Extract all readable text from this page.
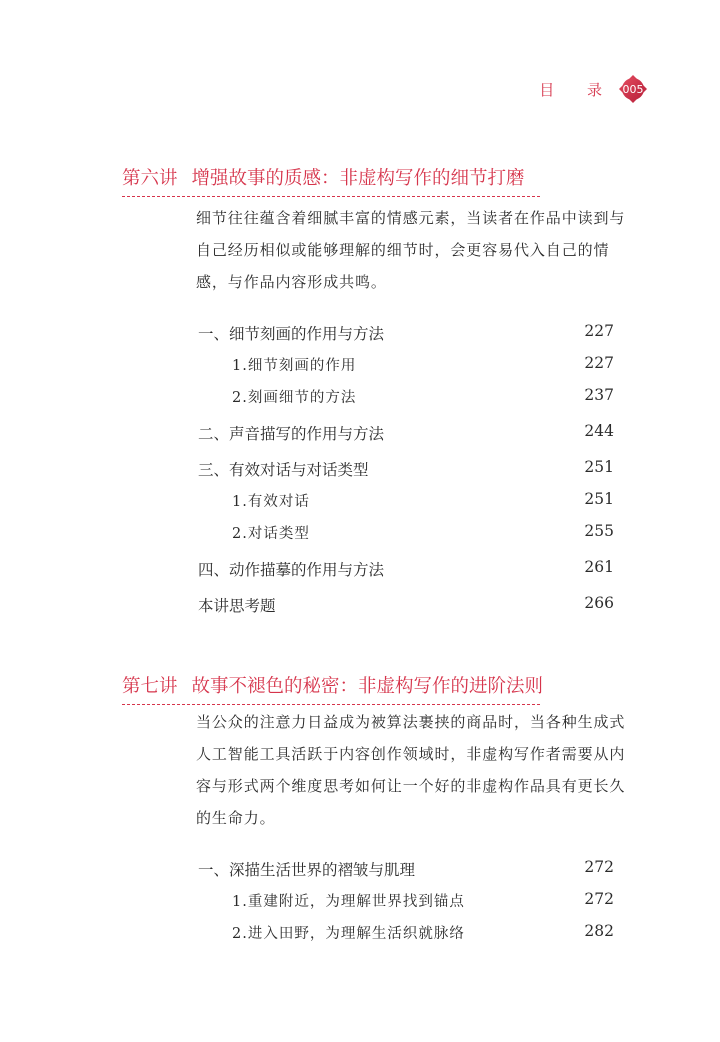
目 录 005
第六讲 增强故事的质感：非虚构写作的细节打磨

细节往往蕴含着细腻丰富的情感元素，当读者在作品中读到与自己经历相似或能够理解的细节时，会更容易代入自己的情感，与作品内容形成共鸣。

一、细节刻画的作用与方法	227
1.细节刻画的作用	227
2.刻画细节的方法	237
二、声音描写的作用与方法	244
三、有效对话与对话类型	251
1.有效对话	251
2.对话类型	255
四、动作描摹的作用与方法	261
本讲思考题	266
第七讲 故事不褪色的秘密：非虚构写作的进阶法则

当公众的注意力日益成为被算法裹挟的商品时，当各种生成式人工智能工具活跃于内容创作领域时，非虚构写作者需要从内容与形式两个维度思考如何让一个好的非虚构作品具有更长久的生命力。

一、深描生活世界的褶皱与肌理	272
1.重建附近，为理解世界找到锚点	272
2.进入田野，为理解生活织就脉络	282
